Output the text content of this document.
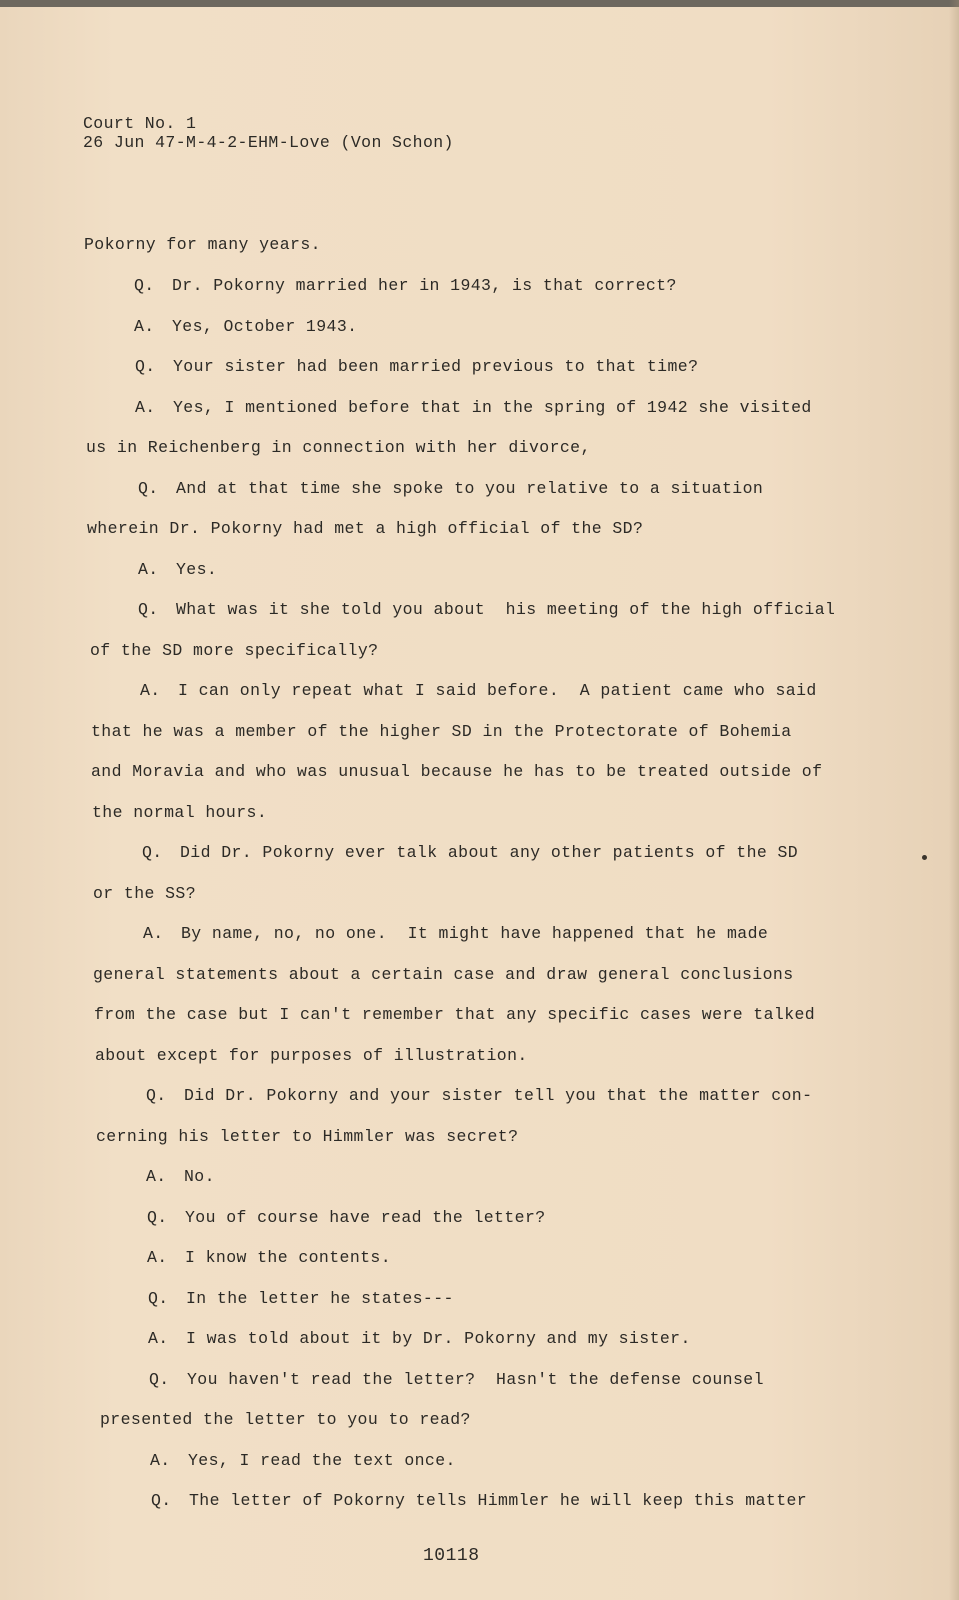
Court No. 1
26 Jun 47-M-4-2-EHM-Love (Von Schon)
Pokorny for many years.
Q. Dr. Pokorny married her in 1943, is that correct?
A. Yes, October 1943.
Q. Your sister had been married previous to that time?
A. Yes, I mentioned before that in the spring of 1942 she visited
us in Reichenberg in connection with her divorce,
Q. And at that time she spoke to you relative to a situation
wherein Dr. Pokorny had met a high official of the SD?
A. Yes.
Q. What was it she told you about  his meeting of the high official
of the SD more specifically?
A. I can only repeat what I said before.  A patient came who said
that he was a member of the higher SD in the Protectorate of Bohemia
and Moravia and who was unusual because he has to be treated outside of
the normal hours.
Q. Did Dr. Pokorny ever talk about any other patients of the SD
or the SS?
A. By name, no, no one.  It might have happened that he made
general statements about a certain case and draw general conclusions
from the case but I can't remember that any specific cases were talked
about except for purposes of illustration.
Q. Did Dr. Pokorny and your sister tell you that the matter con-
cerning his letter to Himmler was secret?
A. No.
Q. You of course have read the letter?
A. I know the contents.
Q. In the letter he states---
A. I was told about it by Dr. Pokorny and my sister.
Q. You haven't read the letter?  Hasn't the defense counsel
presented the letter to you to read?
A. Yes, I read the text once.
Q. The letter of Pokorny tells Himmler he will keep this matter
10118
